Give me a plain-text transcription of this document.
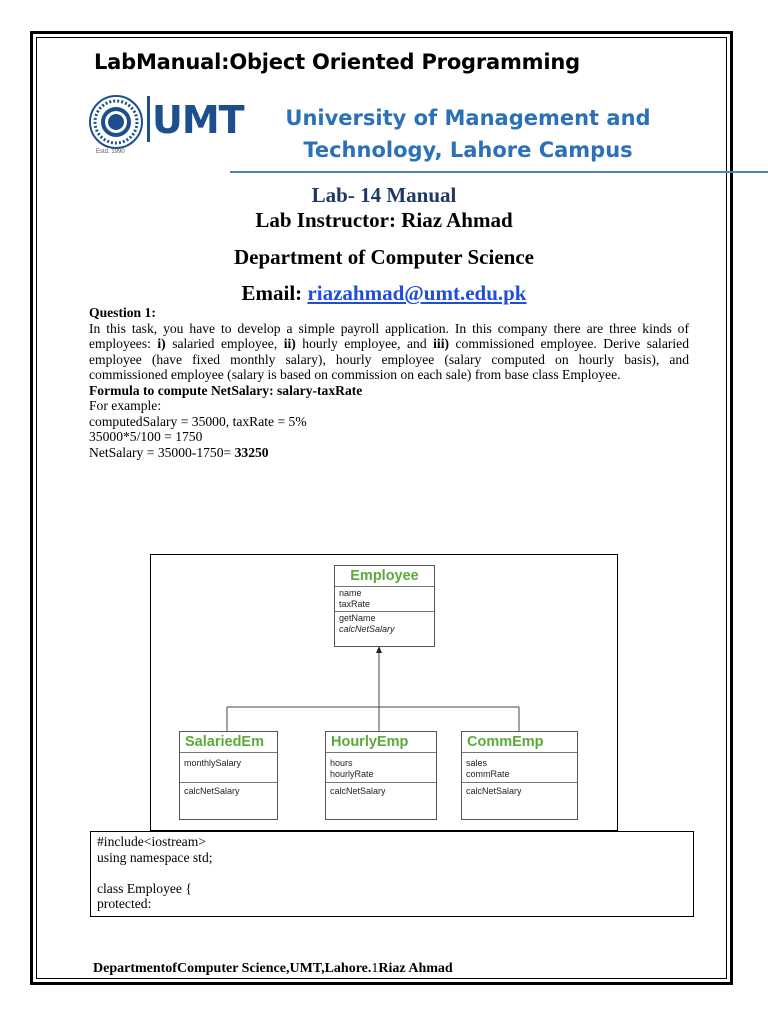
LabManual:Object Oriented Programming
UMT
Estd. 1990
University of Management and
Technology, Lahore Campus
Lab- 14 Manual
Lab Instructor: Riaz Ahmad
Department of Computer Science
Email: riazahmad@umt.edu.pk

Question 1:

In this task, you have to develop a simple payroll application. In this company there are three kinds of employees: i) salaried employee, ii) hourly employee, and iii) commissioned employee. Derive salaried employee (have fixed monthly salary), hourly employee (salary computed on hourly basis), and commissioned employee (salary is based on commission on each sale) from base class Employee.

Formula to compute NetSalary: salary-taxRate

For example:

computedSalary = 35000, taxRate = 5%

35000*5/100 = 1750

NetSalary = 35000-1750= 33250

Employee
name
taxRate
getName
calcNetSalary
SalariedEm
monthlySalary
calcNetSalary
HourlyEmp
hours
hourlyRate
calcNetSalary
CommEmp
sales
commRate
calcNetSalary
#include<iostream>
using namespace std;
class Employee {
protected:
DepartmentofComputer Science,UMT,Lahore.1Riaz Ahmad
